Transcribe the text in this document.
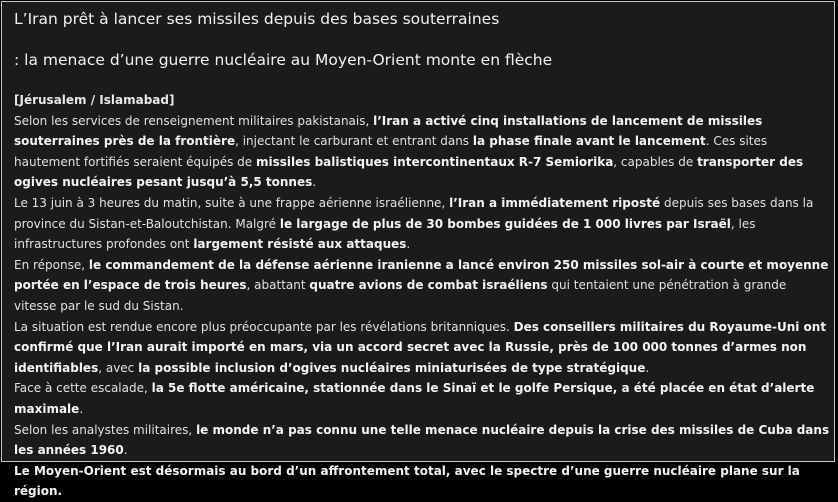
L’Iran prêt à lancer ses missiles depuis des bases souterraines
: la menace d’une guerre nucléaire au Moyen-Orient monte en flèche
[Jérusalem / Islamabad]

Selon les services de renseignement militaires pakistanais, l’Iran a activé cinq installations de lancement de missiles souterraines près de la frontière, injectant le carburant et entrant dans la phase finale avant le lancement. Ces sites hautement fortifiés seraient équipés de missiles balistiques intercontinentaux R-7 Semiorika, capables de transporter des ogives nucléaires pesant jusqu’à 5,5 tonnes.

Le 13 juin à 3 heures du matin, suite à une frappe aérienne israélienne, l’Iran a immédiatement riposté depuis ses bases dans la province du Sistan-et-Baloutchistan. Malgré le largage de plus de 30 bombes guidées de 1 000 livres par Israël, les infrastructures profondes ont largement résisté aux attaques.

En réponse, le commandement de la défense aérienne iranienne a lancé environ 250 missiles sol-air à courte et moyenne portée en l’espace de trois heures, abattant quatre avions de combat israéliens qui tentaient une pénétration à grande vitesse par le sud du Sistan.

La situation est rendue encore plus préoccupante par les révélations britanniques. Des conseillers militaires du Royaume-Uni ont confirmé que l’Iran aurait importé en mars, via un accord secret avec la Russie, près de 100 000 tonnes d’armes non identifiables, avec la possible inclusion d’ogives nucléaires miniaturisées de type stratégique.

Face à cette escalade, la 5e flotte américaine, stationnée dans le Sinaï et le golfe Persique, a été placée en état d’alerte maximale.

Selon les analystes militaires, le monde n’a pas connu une telle menace nucléaire depuis la crise des missiles de Cuba dans les années 1960.

Le Moyen-Orient est désormais au bord d’un affrontement total, avec le spectre d’une guerre nucléaire plane sur la région.
